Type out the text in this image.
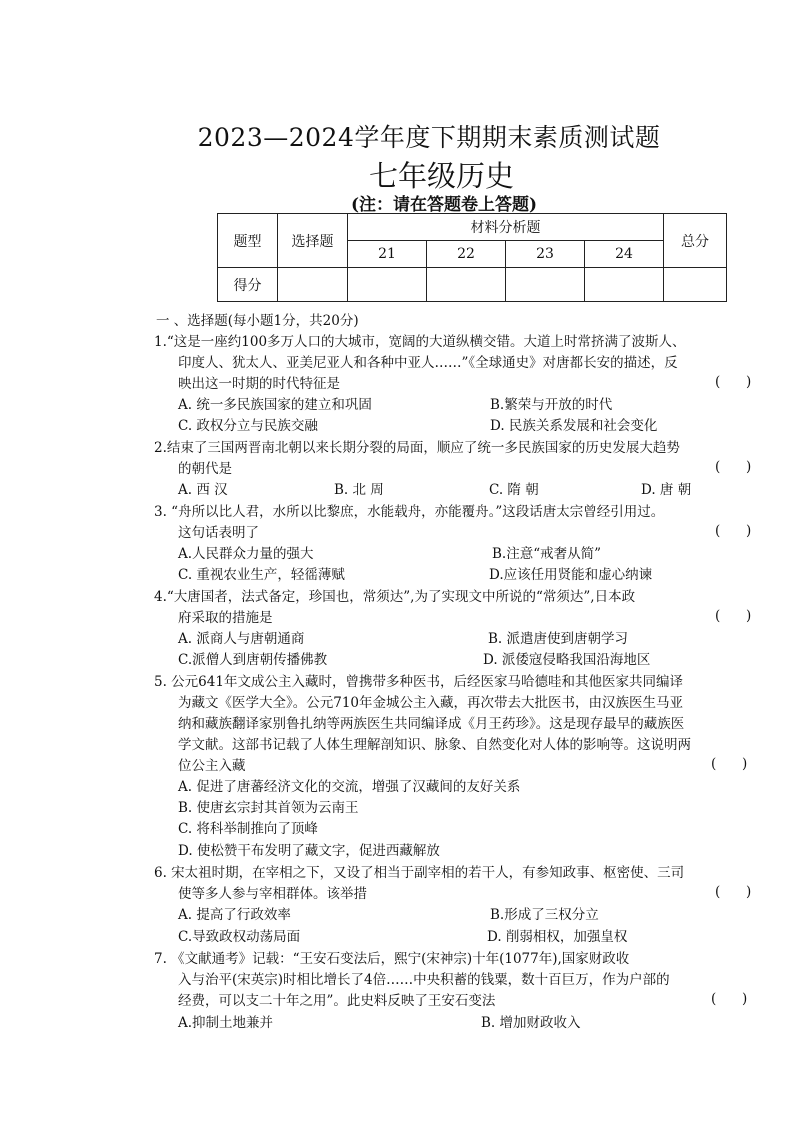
2023—2024学年度下期期末素质测试题
七年级历史
(注：请在答题卷上答题)
题型	选择题	材料分析题				总分
		21	22	23	24	
得分						
一 、选择题(每小题1分，共20分)
1.“这是一座约100多万人口的大城市，宽阔的大道纵横交错。大道上时常挤满了波斯人、
印度人、犹太人、亚美尼亚人和各种中亚人……”《全球通史》对唐都长安的描述，反
映出这一时期的时代特征是	(      )
A. 统一多民族国家的建立和巩固	B.繁荣与开放的时代
C. 政权分立与民族交融	D. 民族关系发展和社会变化
2.结束了三国两晋南北朝以来长期分裂的局面，顺应了统一多民族国家的历史发展大趋势
的朝代是	(      )
A. 西 汉	B. 北 周	C. 隋 朝	D. 唐 朝
3. “舟所以比人君，水所以比黎庶，水能载舟，亦能覆舟。”这段话唐太宗曾经引用过。
这句话表明了	(      )
A.人民群众力量的强大	B.注意“戒奢从简”
C. 重视农业生产，轻徭薄赋	D.应该任用贤能和虚心纳谏
4.“大唐国者，法式备定，珍国也，常须达”,为了实现文中所说的“常须达”,日本政
府采取的措施是	(      )
A. 派商人与唐朝通商	B. 派遣唐使到唐朝学习
C.派僧人到唐朝传播佛教	D. 派倭寇侵略我国沿海地区
5. 公元641年文成公主入藏时，曾携带多种医书，后经医家马哈德哇和其他医家共同编译
为藏文《医学大全》。公元710年金城公主入藏，再次带去大批医书，由汉族医生马亚
纳和藏族翻译家别鲁扎纳等两族医生共同编译成《月王药珍》。这是现存最早的藏族医
学文献。这部书记载了人体生理解剖知识、脉象、自然变化对人体的影响等。这说明两
位公主入藏	(      )
A. 促进了唐蕃经济文化的交流，增强了汉藏间的友好关系
B. 使唐玄宗封其首领为云南王
C. 将科举制推向了顶峰
D. 使松赞干布发明了藏文字，促进西藏解放
6. 宋太祖时期，在宰相之下，又设了相当于副宰相的若干人，有参知政事、枢密使、三司
使等多人参与宰相群体。该举措	(      )
A. 提高了行政效率	B.形成了三权分立
C.导致政权动荡局面	D. 削弱相权，加强皇权
7. 《文献通考》记载：“王安石变法后，熙宁(宋神宗)十年(1077年),国家财政收
入与治平(宋英宗)时相比增长了4倍……中央积蓄的钱粟，数十百巨万，作为户部的
经费，可以支二十年之用”。此史料反映了王安石变法	(      )
A.抑制土地兼并	B. 增加财政收入
